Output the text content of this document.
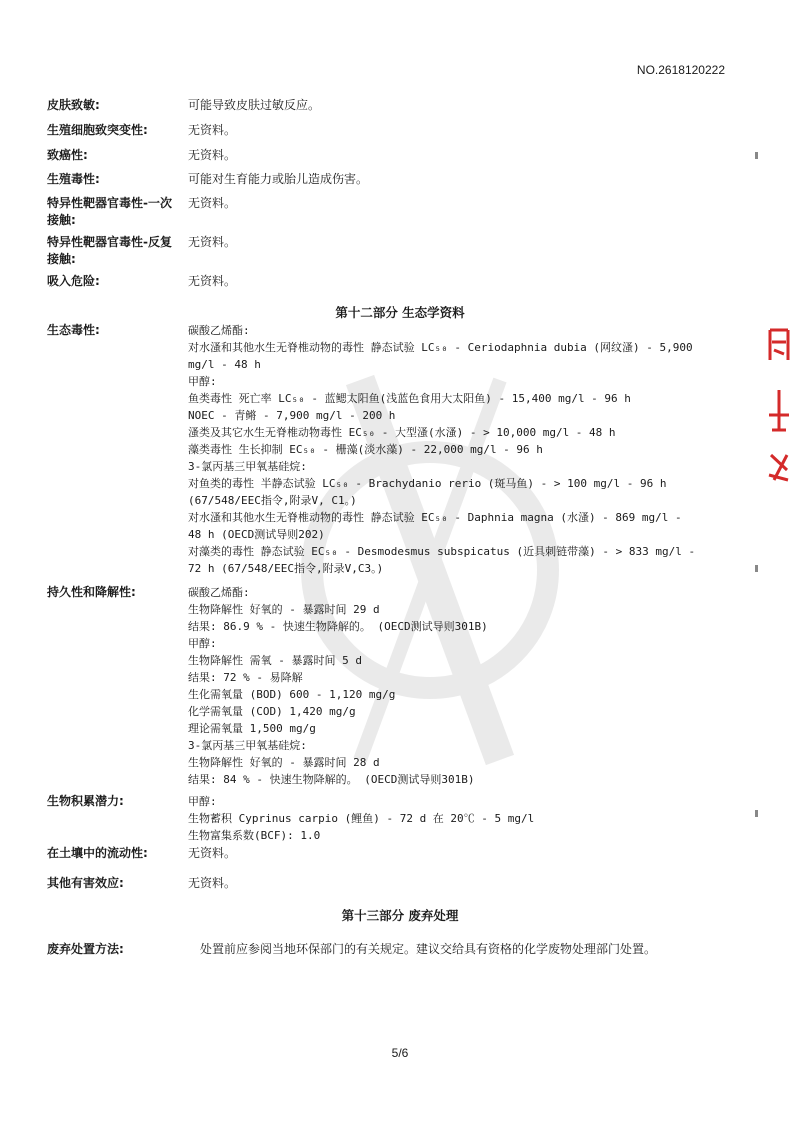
NO.2618120222
皮肤致敏:	可能导致皮肤过敏反应。
生殖细胞致突变性:	无资料。
致癌性:	无资料。
生殖毒性:	可能对生育能力或胎儿造成伤害。
特异性靶器官毒性-一次接触:
无资料。
特异性靶器官毒性-反复接触:
无资料。
吸入危险:	无资料。
第十二部分 生态学资料
生态毒性:	碳酸乙烯酯:
对水溞和其他水生无脊椎动物的毒性 静态试验 LC₅₀ - Ceriodaphnia dubia (网纹溞) - 5,900
mg/l - 48 h
甲醇:
鱼类毒性 死亡率 LC₅₀ - 蓝鳃太阳鱼(浅蓝色食用大太阳鱼) - 15,400 mg/l - 96 h
NOEC - 青鳉 - 7,900 mg/l - 200 h
溞类及其它水生无脊椎动物毒性 EC₅₀ - 大型溞(水溞) - > 10,000 mg/l - 48 h
藻类毒性 生长抑制 EC₅₀ - 栅藻(淡水藻) - 22,000 mg/l - 96 h
3-氯丙基三甲氧基硅烷:
对鱼类的毒性 半静态试验 LC₅₀ - Brachydanio rerio (斑马鱼) - > 100 mg/l - 96 h
(67/548/EEC指令,附录V, C1。)
对水溞和其他水生无脊椎动物的毒性 静态试验 EC₅₀ - Daphnia magna (水溞) - 869 mg/l -
48 h (OECD测试导则202)
对藻类的毒性 静态试验 EC₅₀ - Desmodesmus subspicatus (近具刺链带藻) - > 833 mg/l -
72 h (67/548/EEC指令,附录V,C3。)
持久性和降解性:	碳酸乙烯酯:
生物降解性 好氧的 - 暴露时间 29 d
结果: 86.9 % - 快速生物降解的。 (OECD测试导则301B)
甲醇:
生物降解性 需氧 - 暴露时间 5 d
结果: 72 % - 易降解
生化需氧量 (BOD) 600 - 1,120 mg/g
化学需氧量 (COD) 1,420 mg/g
理论需氧量 1,500 mg/g
3-氯丙基三甲氧基硅烷:
生物降解性 好氧的 - 暴露时间 28 d
结果: 84 % - 快速生物降解的。 (OECD测试导则301B)
生物积累潜力:	甲醇:
生物蓄积 Cyprinus carpio (鲤鱼) - 72 d 在 20℃ - 5 mg/l
生物富集系数(BCF): 1.0
在土壤中的流动性:	无资料。
其他有害效应:	无资料。
第十三部分 废弃处理
废弃处置方法:	处置前应参阅当地环保部门的有关规定。建议交给具有资格的化学废物处理部门处置。
5/6
